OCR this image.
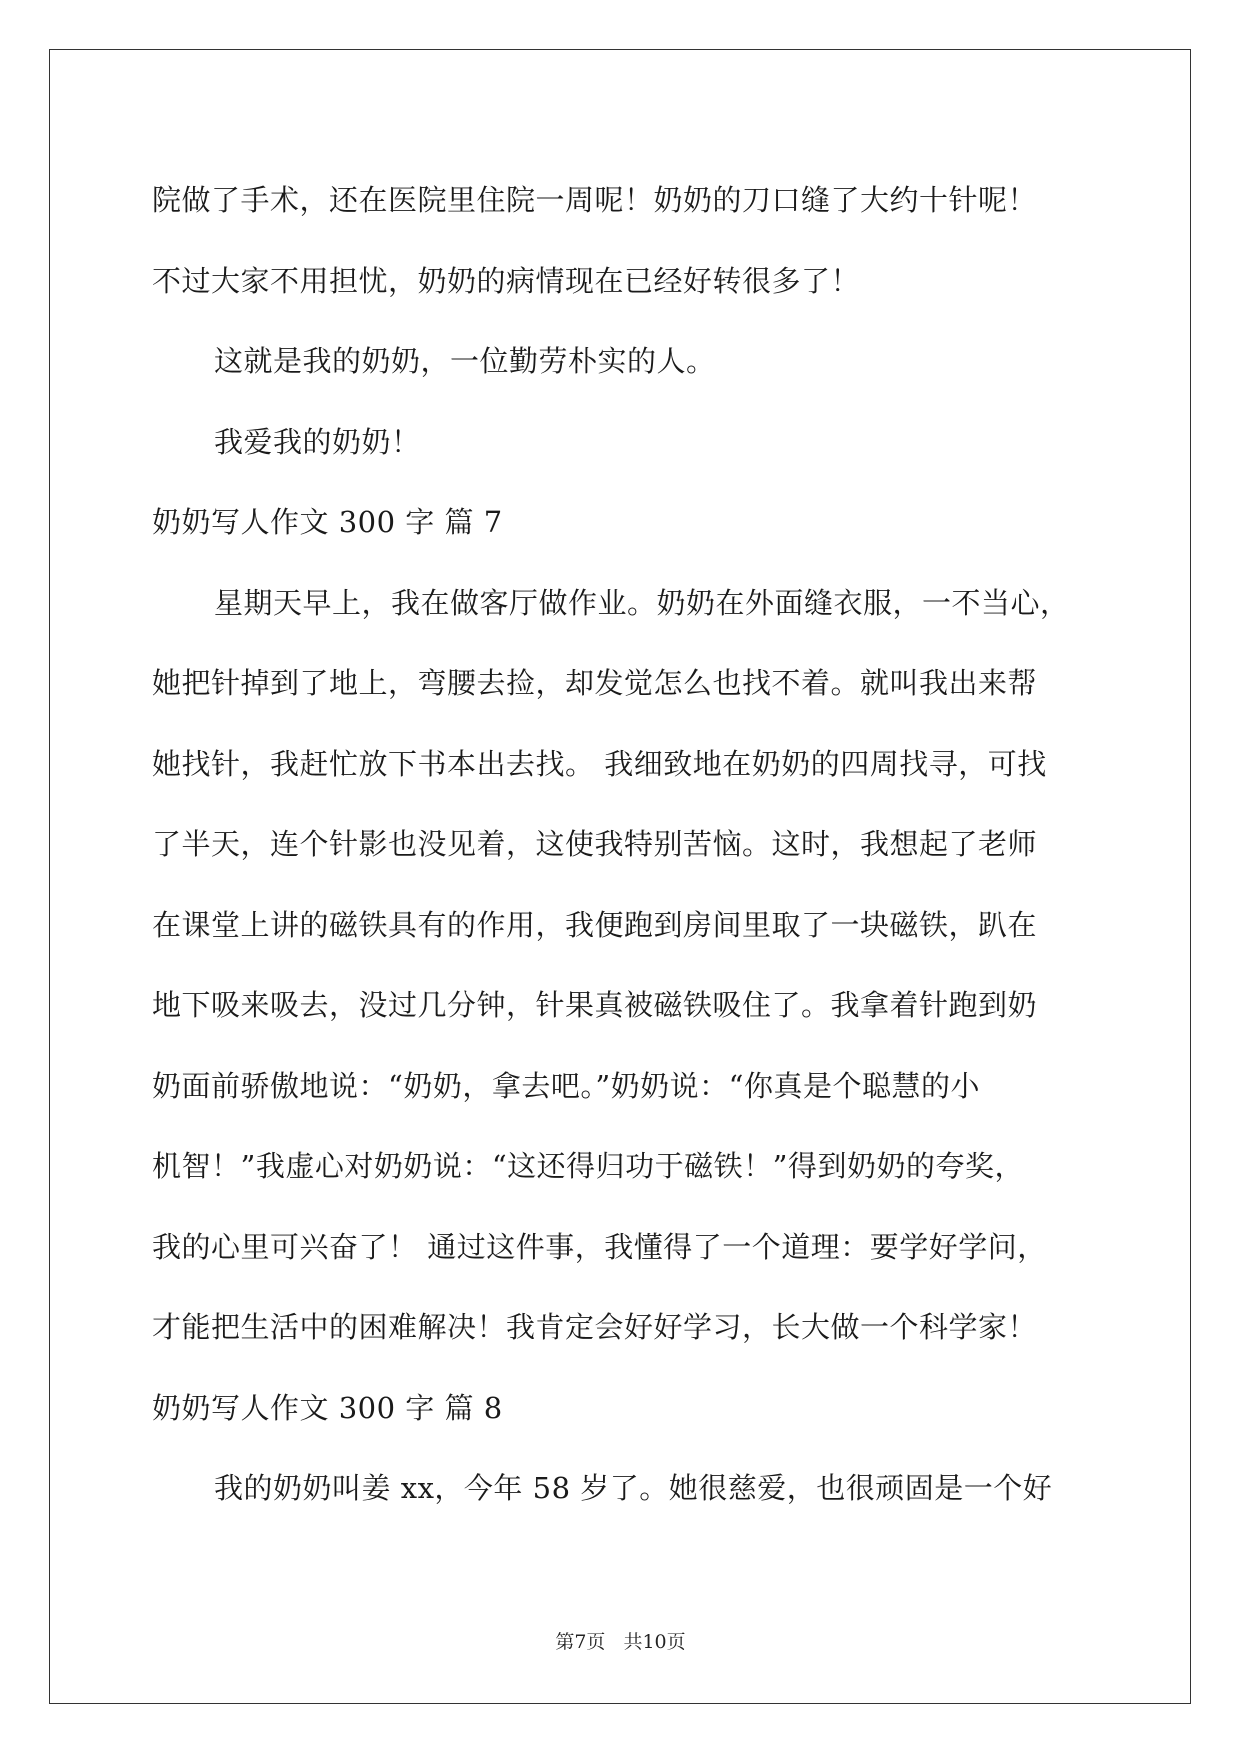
院做了手术，还在医院里住院一周呢！奶奶的刀口缝了大约十针呢！
不过大家不用担忧，奶奶的病情现在已经好转很多了！
这就是我的奶奶，一位勤劳朴实的人。
我爱我的奶奶！
奶奶写人作文 300 字 篇 7
星期天早上，我在做客厅做作业。奶奶在外面缝衣服，一不当心，
她把针掉到了地上，弯腰去捡，却发觉怎么也找不着。就叫我出来帮
她找针，我赶忙放下书本出去找。 我细致地在奶奶的四周找寻，可找
了半天，连个针影也没见着，这使我特别苦恼。这时，我想起了老师
在课堂上讲的磁铁具有的作用，我便跑到房间里取了一块磁铁，趴在
地下吸来吸去，没过几分钟，针果真被磁铁吸住了。我拿着针跑到奶
奶面前骄傲地说：“奶奶，拿去吧。”奶奶说：“你真是个聪慧的小
机智！”我虚心对奶奶说：“这还得归功于磁铁！”得到奶奶的夸奖，
我的心里可兴奋了！ 通过这件事，我懂得了一个道理：要学好学问，
才能把生活中的困难解决！我肯定会好好学习，长大做一个科学家！
奶奶写人作文 300 字 篇 8
我的奶奶叫姜 xx，今年 58 岁了。她很慈爱，也很顽固是一个好
第7页 共10页
